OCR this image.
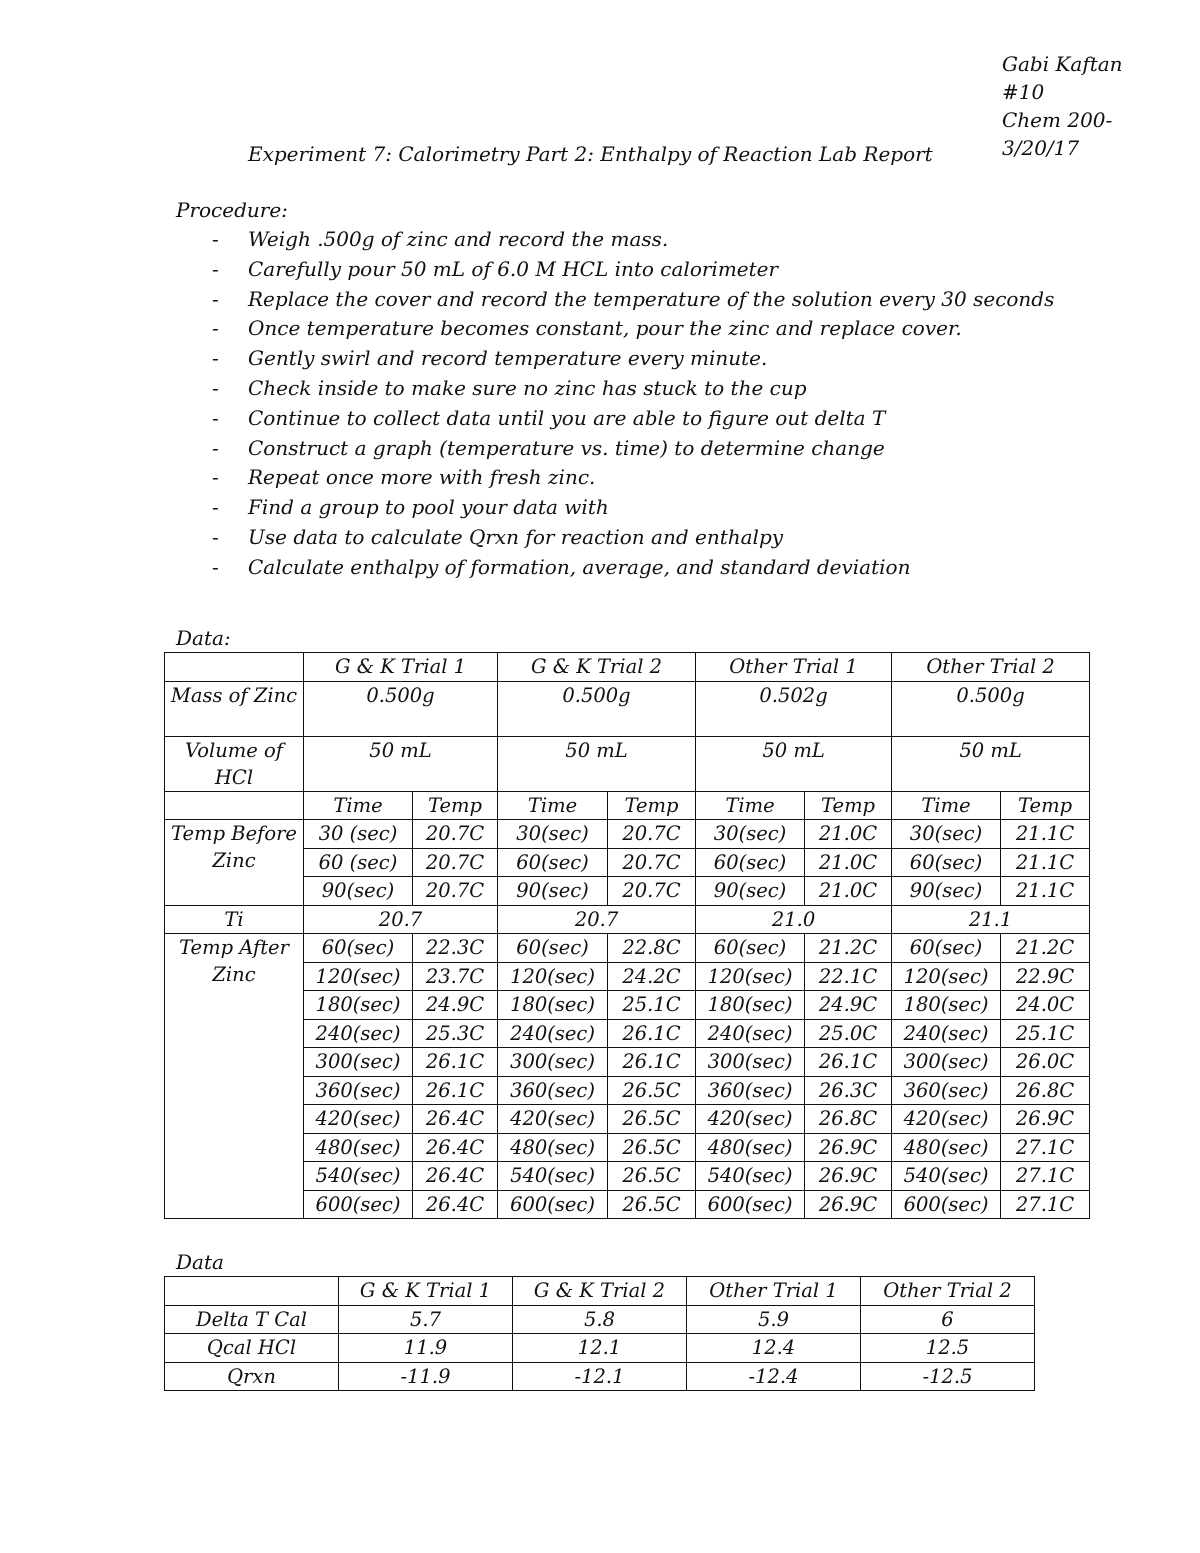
Gabi Kaftan
#10
Chem 200-
3/20/17
Experiment 7: Calorimetry Part 2: Enthalpy of Reaction Lab Report
Procedure:
- Weigh .500g of zinc and record the mass.
- Carefully pour 50 mL of 6.0 M HCL into calorimeter
- Replace the cover and record the temperature of the solution every 30 seconds
- Once temperature becomes constant, pour the zinc and replace cover.
- Gently swirl and record temperature every minute.
- Check inside to make sure no zinc has stuck to the cup
- Continue to collect data until you are able to figure out delta T
- Construct a graph (temperature vs. time) to determine change
- Repeat once more with fresh zinc.
- Find a group to pool your data with
- Use data to calculate Qrxn for reaction and enthalpy
- Calculate enthalpy of formation, average, and standard deviation
Data:
	G & K Trial 1		G & K Trial 2		Other Trial 1		Other Trial 2	
Mass of Zinc	0.500g		0.500g		0.502g		0.500g	
Volume of HCl	50 mL		50 mL		50 mL		50 mL	
	Time	Temp	Time	Temp	Time	Temp	Time	Temp
Temp Before Zinc	30 (sec)	20.7C	30(sec)	20.7C	30(sec)	21.0C	30(sec)	21.1C
	60 (sec)	20.7C	60(sec)	20.7C	60(sec)	21.0C	60(sec)	21.1C
	90(sec)	20.7C	90(sec)	20.7C	90(sec)	21.0C	90(sec)	21.1C
Ti	20.7		20.7		21.0		21.1	
Temp After Zinc	60(sec)	22.3C	60(sec)	22.8C	60(sec)	21.2C	60(sec)	21.2C
	120(sec)	23.7C	120(sec)	24.2C	120(sec)	22.1C	120(sec)	22.9C
	180(sec)	24.9C	180(sec)	25.1C	180(sec)	24.9C	180(sec)	24.0C
	240(sec)	25.3C	240(sec)	26.1C	240(sec)	25.0C	240(sec)	25.1C
	300(sec)	26.1C	300(sec)	26.1C	300(sec)	26.1C	300(sec)	26.0C
	360(sec)	26.1C	360(sec)	26.5C	360(sec)	26.3C	360(sec)	26.8C
	420(sec)	26.4C	420(sec)	26.5C	420(sec)	26.8C	420(sec)	26.9C
	480(sec)	26.4C	480(sec)	26.5C	480(sec)	26.9C	480(sec)	27.1C
	540(sec)	26.4C	540(sec)	26.5C	540(sec)	26.9C	540(sec)	27.1C
	600(sec)	26.4C	600(sec)	26.5C	600(sec)	26.9C	600(sec)	27.1C
Data
	G & K Trial 1	G & K Trial 2	Other Trial 1	Other Trial 2
Delta T Cal	5.7	5.8	5.9	6
Qcal HCl	11.9	12.1	12.4	12.5
Qrxn	-11.9	-12.1	-12.4	-12.5
